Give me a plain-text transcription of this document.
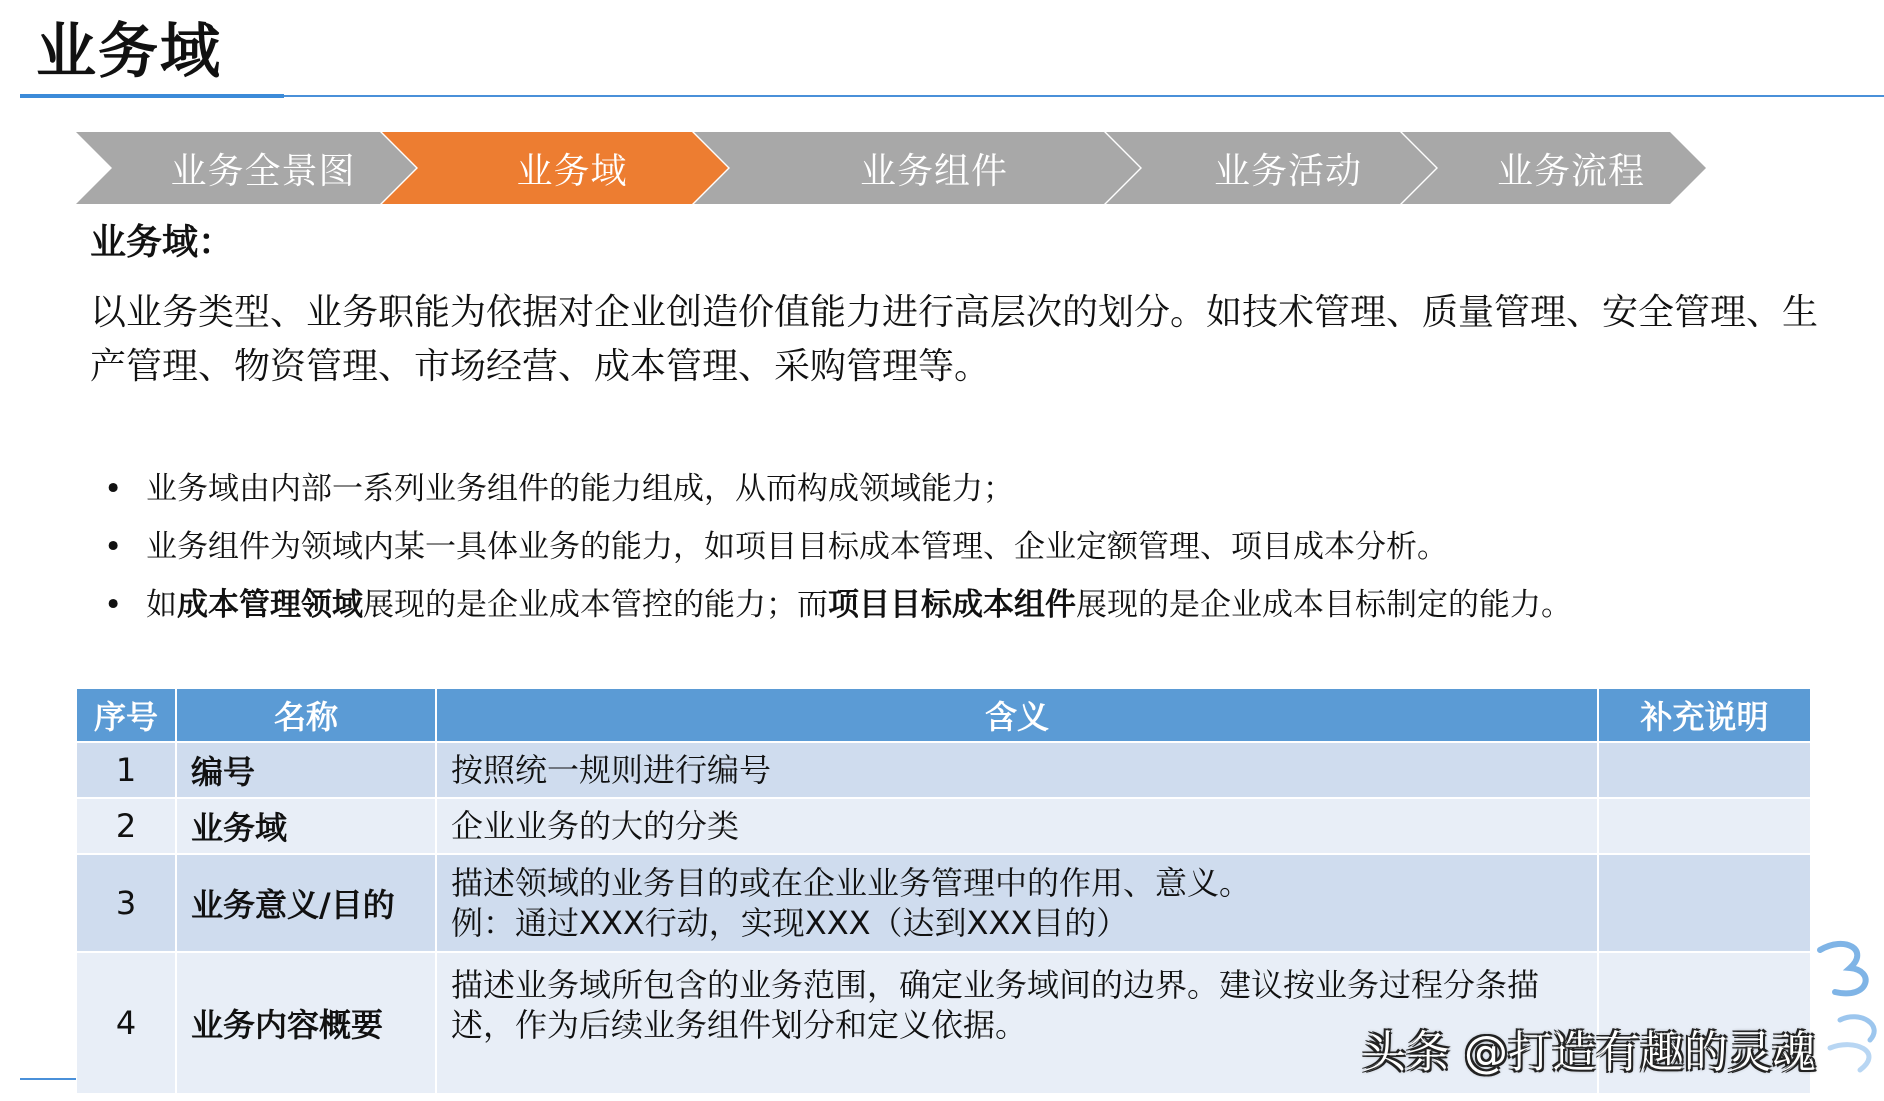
业务域
业务全景图	业务域	业务组件	业务活动	业务流程
业务域：
以业务类型、业务职能为依据对企业创造价值能力进行高层次的划分。如技术管理、质量管理、安全管理、生
产管理、物资管理、市场经营、成本管理、采购管理等。
• 业务域由内部一系列业务组件的能力组成，从而构成领域能力；
• 业务组件为领域内某一具体业务的能力，如项目目标成本管理、企业定额管理、项目成本分析。
• 如成本管理领域展现的是企业成本管控的能力；而项目目标成本组件展现的是企业成本目标制定的能力。
序号	名称	含义	补充说明
1	编号	按照统一规则进行编号	

2	业务域	企业业务的大的分类	

3	业务意义/目的	描述领域的业务目的或在企业业务管理中的作用、意义。
例：通过XXX行动，实现XXX（达到XXX目的）	

4	业务内容概要	描述业务域所包含的业务范围，确定业务域间的边界。建议按业务过程分条描
述，作为后续业务组件划分和定义依据。	

头条 @打造有趣的灵魂
